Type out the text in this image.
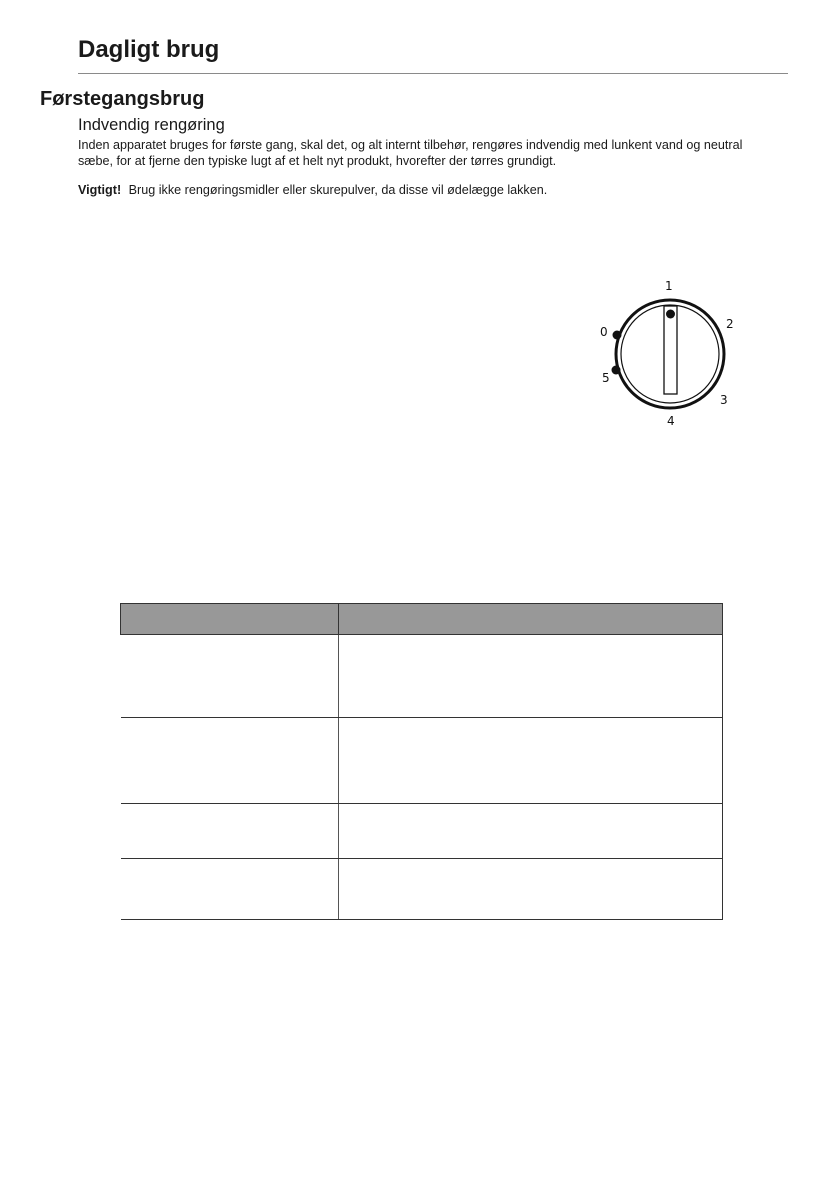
Dagligt brug
Førstegangsbrug
Indvendig rengøring

Inden apparatet bruges for første gang, skal det, og alt internt tilbehør, rengøres indvendig med lunkent vand og neutral sæbe, for at fjerne den typiske lugt af et helt nyt produkt, hvorefter der tørres grundigt.

Vigtigt! Brug ikke rengøringsmidler eller skurepulver, da disse vil ødelægge lakken.

0
1
2
3
4
5
